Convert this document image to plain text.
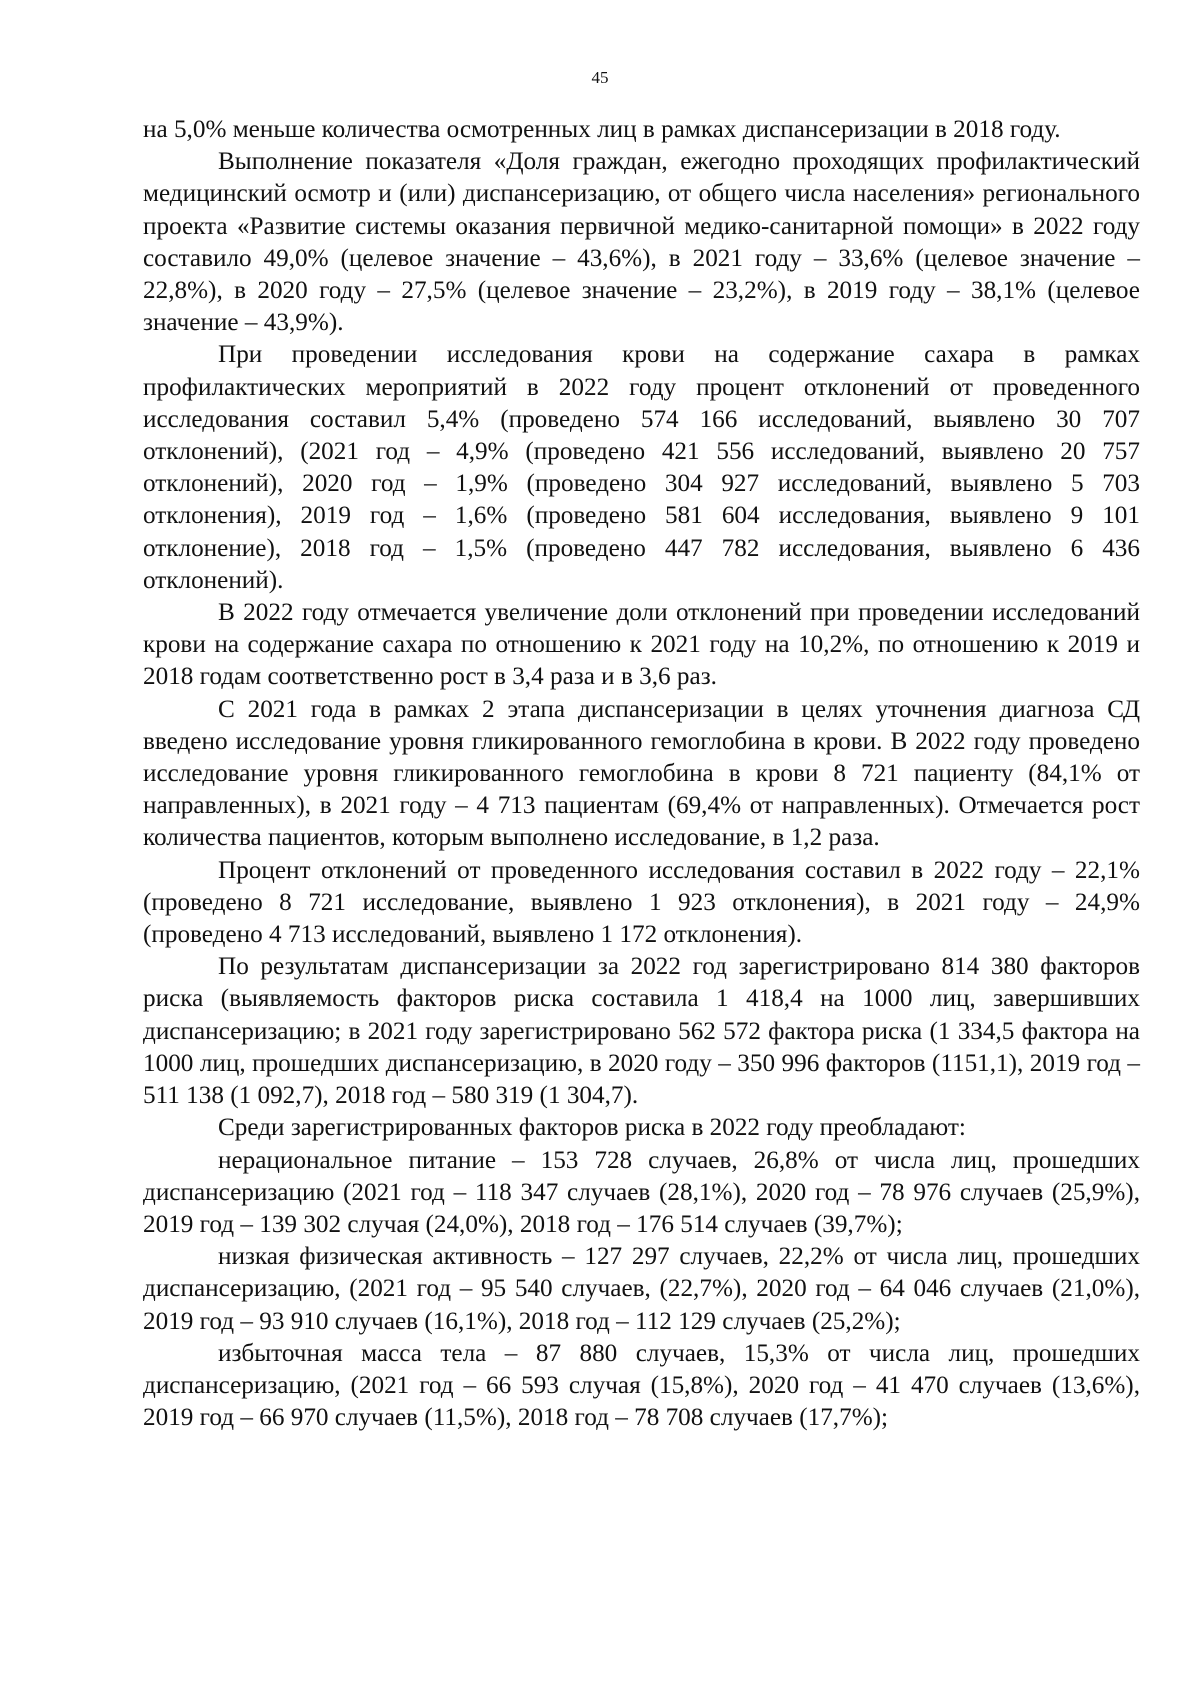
45

на 5,0% меньше количества осмотренных лиц в рамках диспансеризации в 2018 году.

Выполнение показателя «Доля граждан, ежегодно проходящих профилактический медицинский осмотр и (или) диспансеризацию, от общего числа населения» регионального проекта «Развитие системы оказания первичной медико-санитарной помощи» в 2022 году составило 49,0% (целевое значение – 43,6%), в 2021 году – 33,6% (целевое значение – 22,8%), в 2020 году – 27,5% (целевое значение – 23,2%), в 2019 году – 38,1% (целевое значение – 43,9%).

При проведении исследования крови на содержание сахара в рамках профилактических мероприятий в 2022 году процент отклонений от проведенного исследования составил 5,4% (проведено 574 166 исследований, выявлено 30 707 отклонений), (2021 год – 4,9% (проведено 421 556 исследований, выявлено 20 757 отклонений), 2020 год – 1,9% (проведено 304 927 исследований, выявлено 5 703 отклонения), 2019 год – 1,6% (проведено 581 604 исследования, выявлено 9 101 отклонение), 2018 год – 1,5% (проведено 447 782 исследования, выявлено 6 436 отклонений).

В 2022 году отмечается увеличение доли отклонений при проведении исследований крови на содержание сахара по отношению к 2021 году на 10,2%, по отношению к 2019 и 2018 годам соответственно рост в 3,4 раза и в 3,6 раз.

С 2021 года в рамках 2 этапа диспансеризации в целях уточнения диагноза СД введено исследование уровня гликированного гемоглобина в крови. В 2022 году проведено исследование уровня гликированного гемоглобина в крови 8 721 пациенту (84,1% от направленных), в 2021 году – 4 713 пациентам (69,4% от направленных). Отмечается рост количества пациентов, которым выполнено исследование, в 1,2 раза.

Процент отклонений от проведенного исследования составил в 2022 году – 22,1% (проведено 8 721 исследование, выявлено 1 923 отклонения), в 2021 году – 24,9% (проведено 4 713 исследований, выявлено 1 172 отклонения).

По результатам диспансеризации за 2022 год зарегистрировано 814 380 факторов риска (выявляемость факторов риска составила 1 418,4 на 1000 лиц, завершивших диспансеризацию; в 2021 году зарегистрировано 562 572 фактора риска (1 334,5 фактора на 1000 лиц, прошедших диспансеризацию, в 2020 году – 350 996 факторов (1151,1), 2019 год – 511 138 (1 092,7), 2018 год – 580 319 (1 304,7).

Среди зарегистрированных факторов риска в 2022 году преобладают:

нерациональное питание – 153 728 случаев, 26,8% от числа лиц, прошедших диспансеризацию (2021 год – 118 347 случаев (28,1%), 2020 год – 78 976 случаев (25,9%), 2019 год – 139 302 случая (24,0%), 2018 год – 176 514 случаев (39,7%);

низкая физическая активность – 127 297 случаев, 22,2% от числа лиц, прошедших диспансеризацию, (2021 год – 95 540 случаев, (22,7%), 2020 год – 64 046 случаев (21,0%), 2019 год – 93 910 случаев (16,1%), 2018 год – 112 129 случаев (25,2%);

избыточная масса тела – 87 880 случаев, 15,3% от числа лиц, прошедших диспансеризацию, (2021 год – 66 593 случая (15,8%), 2020 год – 41 470 случаев (13,6%), 2019 год – 66 970 случаев (11,5%), 2018 год – 78 708 случаев (17,7%);
